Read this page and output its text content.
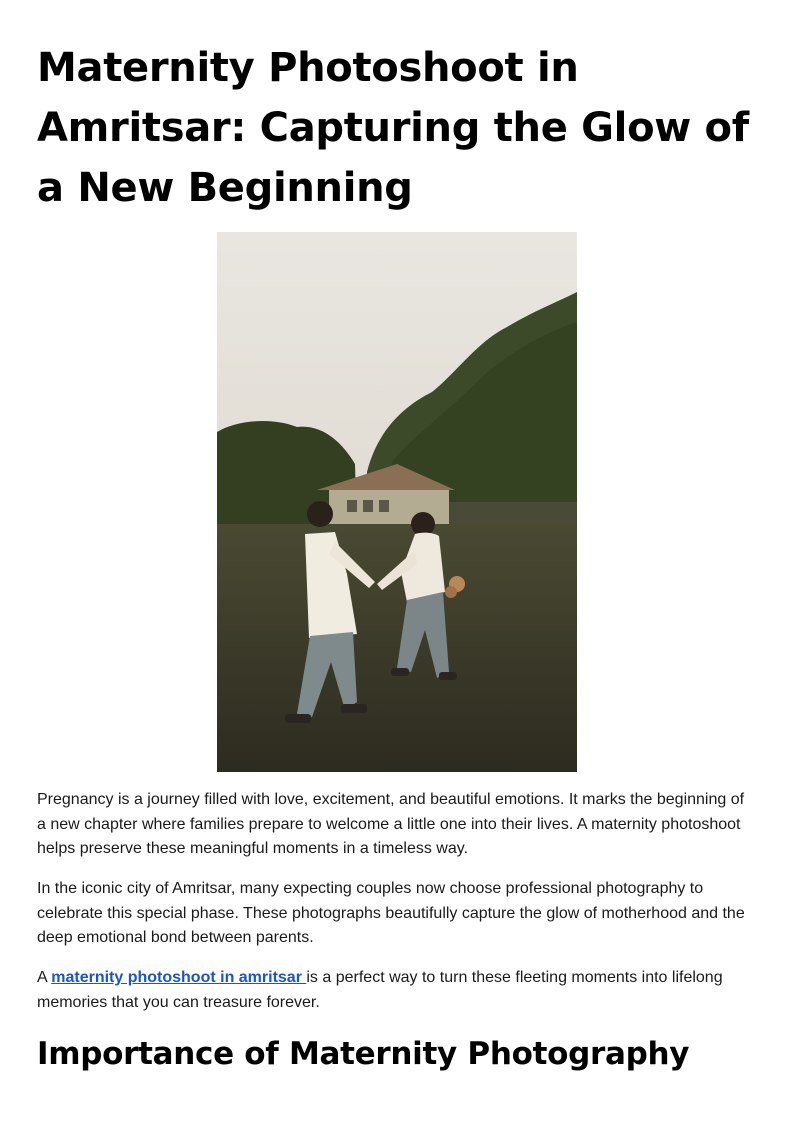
Maternity Photoshoot in Amritsar: Capturing the Glow of a New Beginning

Pregnancy is a journey filled with love, excitement, and beautiful emotions. It marks the beginning of a new chapter where families prepare to welcome a little one into their lives. A maternity photoshoot helps preserve these meaningful moments in a timeless way.

In the iconic city of Amritsar, many expecting couples now choose professional photography to celebrate this special phase. These photographs beautifully capture the glow of motherhood and the deep emotional bond between parents.

A maternity photoshoot in amritsar is a perfect way to turn these fleeting moments into lifelong memories that you can treasure forever.

Importance of Maternity Photography
